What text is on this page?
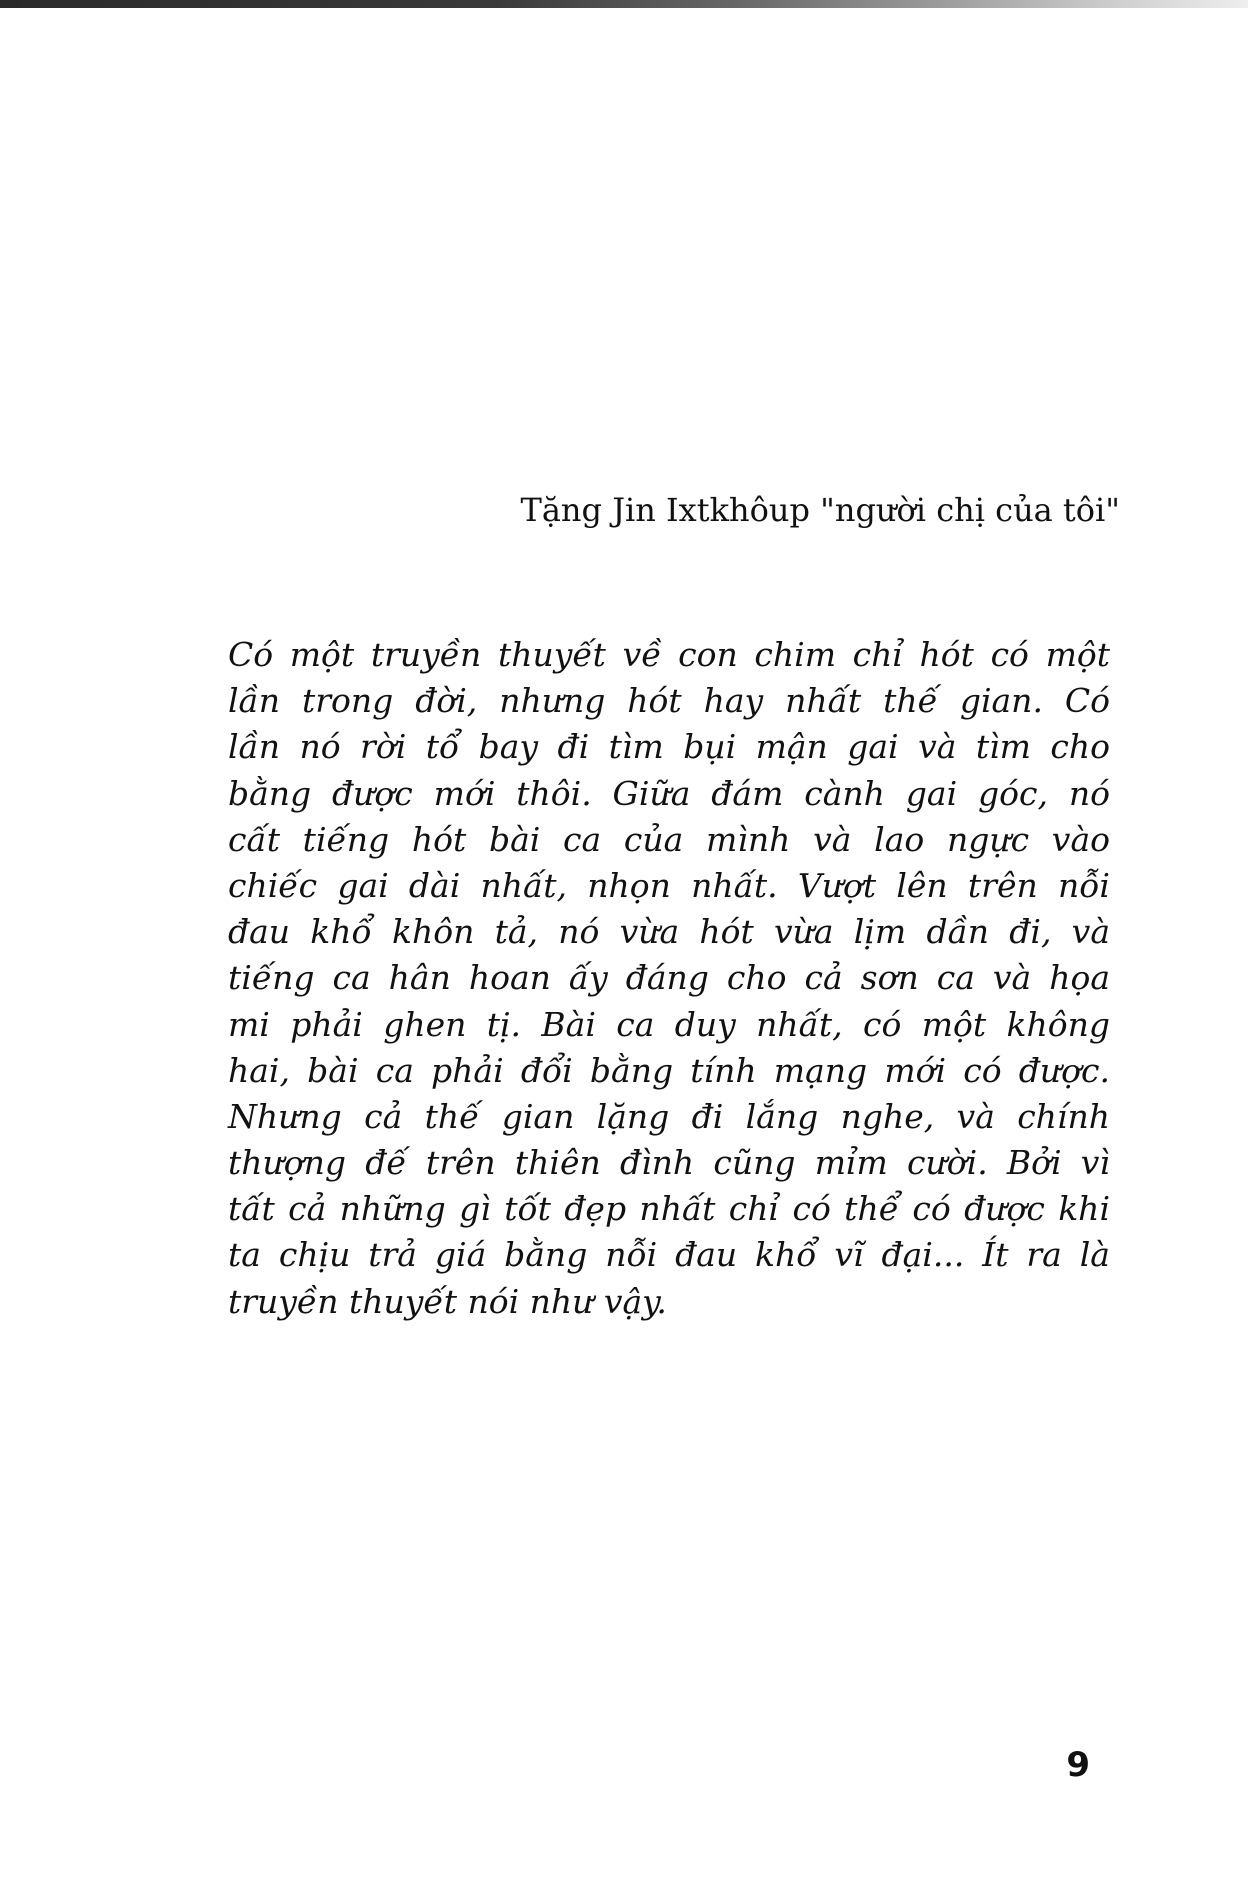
Tặng Jin Ixtkhôup "người chị của tôi"
Có một truyền thuyết về con chim chỉ hót có một
lần trong đời, nhưng hót hay nhất thế gian. Có
lần nó rời tổ bay đi tìm bụi mận gai và tìm cho
bằng được mới thôi. Giữa đám cành gai góc, nó
cất tiếng hót bài ca của mình và lao ngực vào
chiếc gai dài nhất, nhọn nhất. Vượt lên trên nỗi
đau khổ khôn tả, nó vừa hót vừa lịm dần đi, và
tiếng ca hân hoan ấy đáng cho cả sơn ca và họa
mi phải ghen tị. Bài ca duy nhất, có một không
hai, bài ca phải đổi bằng tính mạng mới có được.
Nhưng cả thế gian lặng đi lắng nghe, và chính
thượng đế trên thiên đình cũng mỉm cười. Bởi vì
tất cả những gì tốt đẹp nhất chỉ có thể có được khi
ta chịu trả giá bằng nỗi đau khổ vĩ đại... Ít ra là
truyền thuyết nói như vậy.
9
